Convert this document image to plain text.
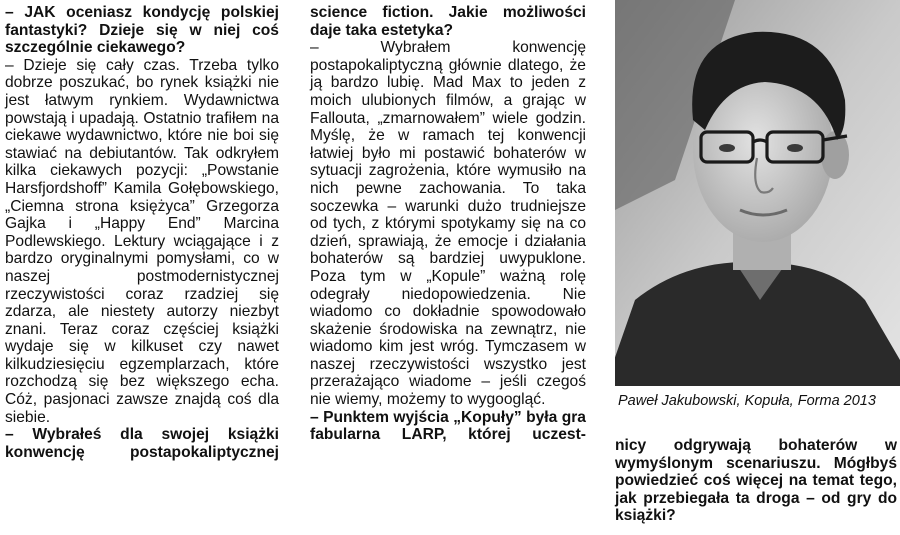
– JAK oceniasz kondycję polskiej fantastyki? Dzieje się w niej coś szczególnie ciekawego?

– Dzieje się cały czas. Trzeba tylko dobrze poszukać, bo rynek książki nie jest łatwym rynkiem. Wydawnictwa powstają i upadają. Ostatnio trafiłem na ciekawe wydawnictwo, które nie boi się stawiać na debiutantów. Tak odkryłem kilka ciekawych pozycji: „Powstanie Harsfjordshoff” Kamila Gołębowskiego, „Ciemna strona księżyca” Grzegorza Gajka i „Happy End” Marcina Podlewskiego. Lektury wciągające i z bardzo oryginalnymi pomysłami, co w naszej postmodernistycznej rzeczywistości coraz rzadziej się zdarza, ale niestety autorzy niezbyt znani. Teraz coraz częściej książki wydaje się w kilkuset czy nawet kilkudziesięciu egzemplarzach, które rozchodzą się bez większego echa. Cóż, pasjonaci zawsze znajdą coś dla siebie.

– Wybrałeś dla swojej książki konwencję postapokaliptycznej

science fiction. Jakie możliwości daje taka estetyka?

– Wybrałem konwencję postapokaliptyczną głównie dlatego, że ją bardzo lubię. Mad Max to jeden z moich ulubionych filmów, a grając w Fallouta, „zmarnowałem” wiele godzin. Myślę, że w ramach tej konwencji łatwiej było mi postawić bohaterów w sytuacji zagrożenia, które wymusiło na nich pewne zachowania. To taka soczewka – warunki dużo trudniejsze od tych, z którymi spotykamy się na co dzień, sprawiają, że emocje i działania bohaterów są bardziej uwypuklone. Poza tym w „Kopule” ważną rolę odegrały niedopowiedzenia. Nie wiadomo co dokładnie spowodowało skażenie środowiska na zewnątrz, nie wiadomo kim jest wróg. Tymczasem w naszej rzeczywistości wszystko jest przerażająco wiadome – jeśli czegoś nie wiemy, możemy to wygoogląć.

– Punktem wyjścia „Kopuły” była gra fabularna LARP, której uczest-

Paweł Jakubowski, Kopuła, Forma 2013

nicy odgrywają bohaterów w wymyślonym scenariuszu. Mógłbyś powiedzieć coś więcej na temat tego, jak przebiegała ta droga – od gry do książki?
